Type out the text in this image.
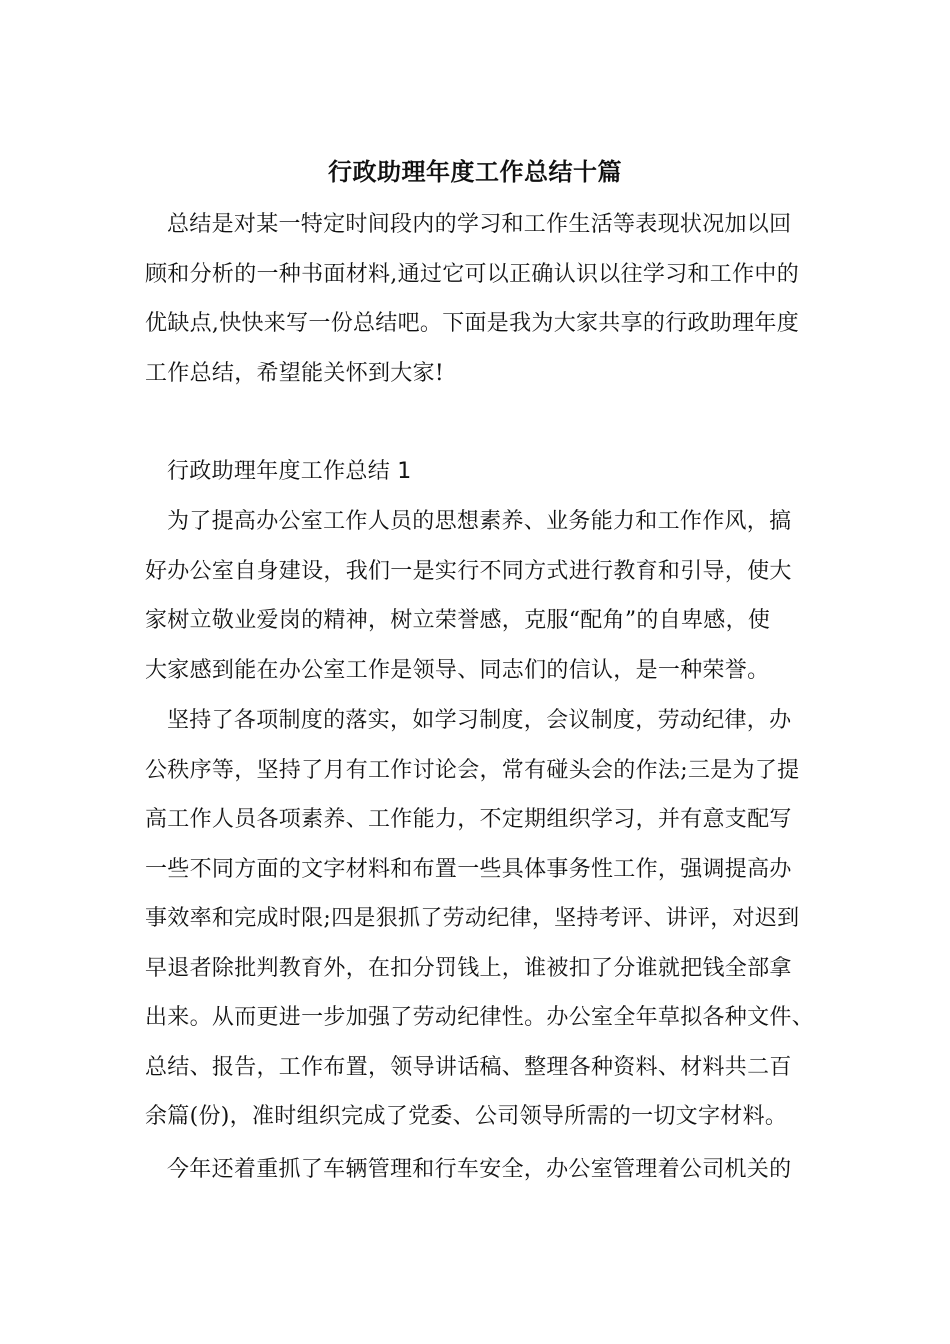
行政助理年度工作总结十篇
总结是对某一特定时间段内的学习和工作生活等表现状况加以回
顾和分析的一种书面材料,通过它可以正确认识以往学习和工作中的
优缺点,快快来写一份总结吧。下面是我为大家共享的行政助理年度
工作总结，希望能关怀到大家!
行政助理年度工作总结 1
为了提高办公室工作人员的思想素养、业务能力和工作作风，搞
好办公室自身建设，我们一是实行不同方式进行教育和引导，使大
家树立敬业爱岗的精神，树立荣誉感，克服“配角”的自卑感，使
大家感到能在办公室工作是领导、同志们的信认，是一种荣誉。
坚持了各项制度的落实，如学习制度，会议制度，劳动纪律，办
公秩序等，坚持了月有工作讨论会，常有碰头会的作法;三是为了提
高工作人员各项素养、工作能力，不定期组织学习，并有意支配写
一些不同方面的文字材料和布置一些具体事务性工作，强调提高办
事效率和完成时限;四是狠抓了劳动纪律，坚持考评、讲评，对迟到
早退者除批判教育外，在扣分罚钱上，谁被扣了分谁就把钱全部拿
出来。从而更进一步加强了劳动纪律性。办公室全年草拟各种文件、
总结、报告，工作布置，领导讲话稿、整理各种资料、材料共二百
余篇(份)，准时组织完成了党委、公司领导所需的一切文字材料。
今年还着重抓了车辆管理和行车安全，办公室管理着公司机关的
